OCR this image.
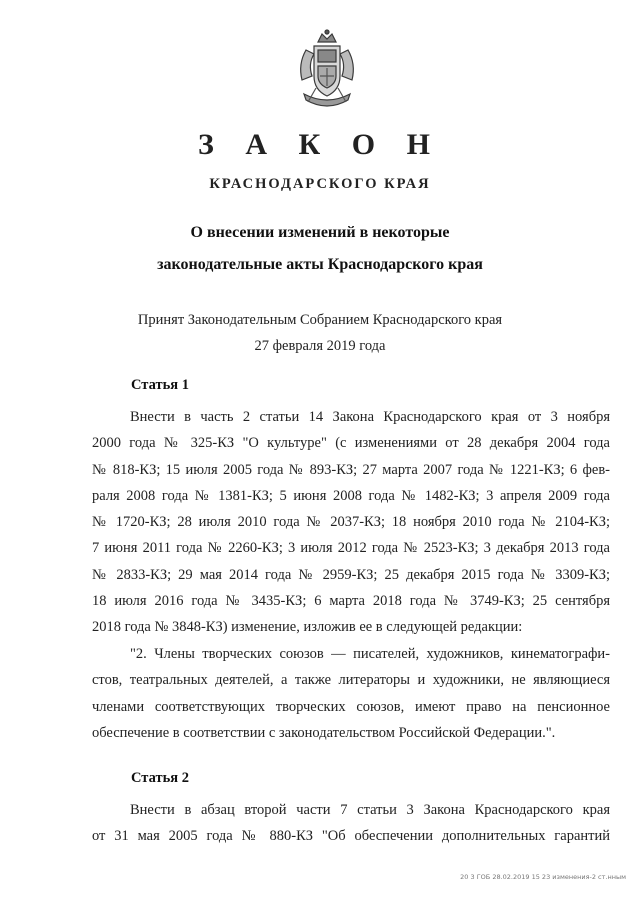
З А К О Н
КРАСНОДАРСКОГО КРАЯ
О внесении изменений в некоторые
законодательные акты Краснодарского края
Принят Законодательным Собранием Краснодарского края
27 февраля 2019 года
Статья 1
Внести в часть 2 статьи 14 Закона Краснодарского края от 3 ноября
2000 года № 325-КЗ "О культуре" (с изменениями от 28 декабря 2004 года
№ 818-КЗ; 15 июля 2005 года № 893-КЗ; 27 марта 2007 года № 1221-КЗ; 6 фев-
раля 2008 года № 1381-КЗ; 5 июня 2008 года № 1482-КЗ; 3 апреля 2009 года
№ 1720-КЗ; 28 июля 2010 года № 2037-КЗ; 18 ноября 2010 года № 2104-КЗ;
7 июня 2011 года № 2260-КЗ; 3 июля 2012 года № 2523-КЗ; 3 декабря 2013 года
№ 2833-КЗ; 29 мая 2014 года № 2959-КЗ; 25 декабря 2015 года № 3309-КЗ;
18 июля 2016 года № 3435-КЗ; 6 марта 2018 года № 3749-КЗ; 25 сентября
2018 года № 3848-КЗ) изменение, изложив ее в следующей редакции:
"2. Члены творческих союзов — писателей, художников, кинематографи-
стов, театральных деятелей, а также литераторы и художники, не являющиеся
членами соответствующих творческих союзов, имеют право на пенсионное
обеспечение в соответствии с законодательством Российской Федерации.".
Статья 2
Внести в абзац второй части 7 статьи 3 Закона Краснодарского края
от 31 мая 2005 года № 880-КЗ "Об обеспечении дополнительных гарантий
20 3 ГОБ 28.02.2019 15 23 изменения-2 ст.нным
